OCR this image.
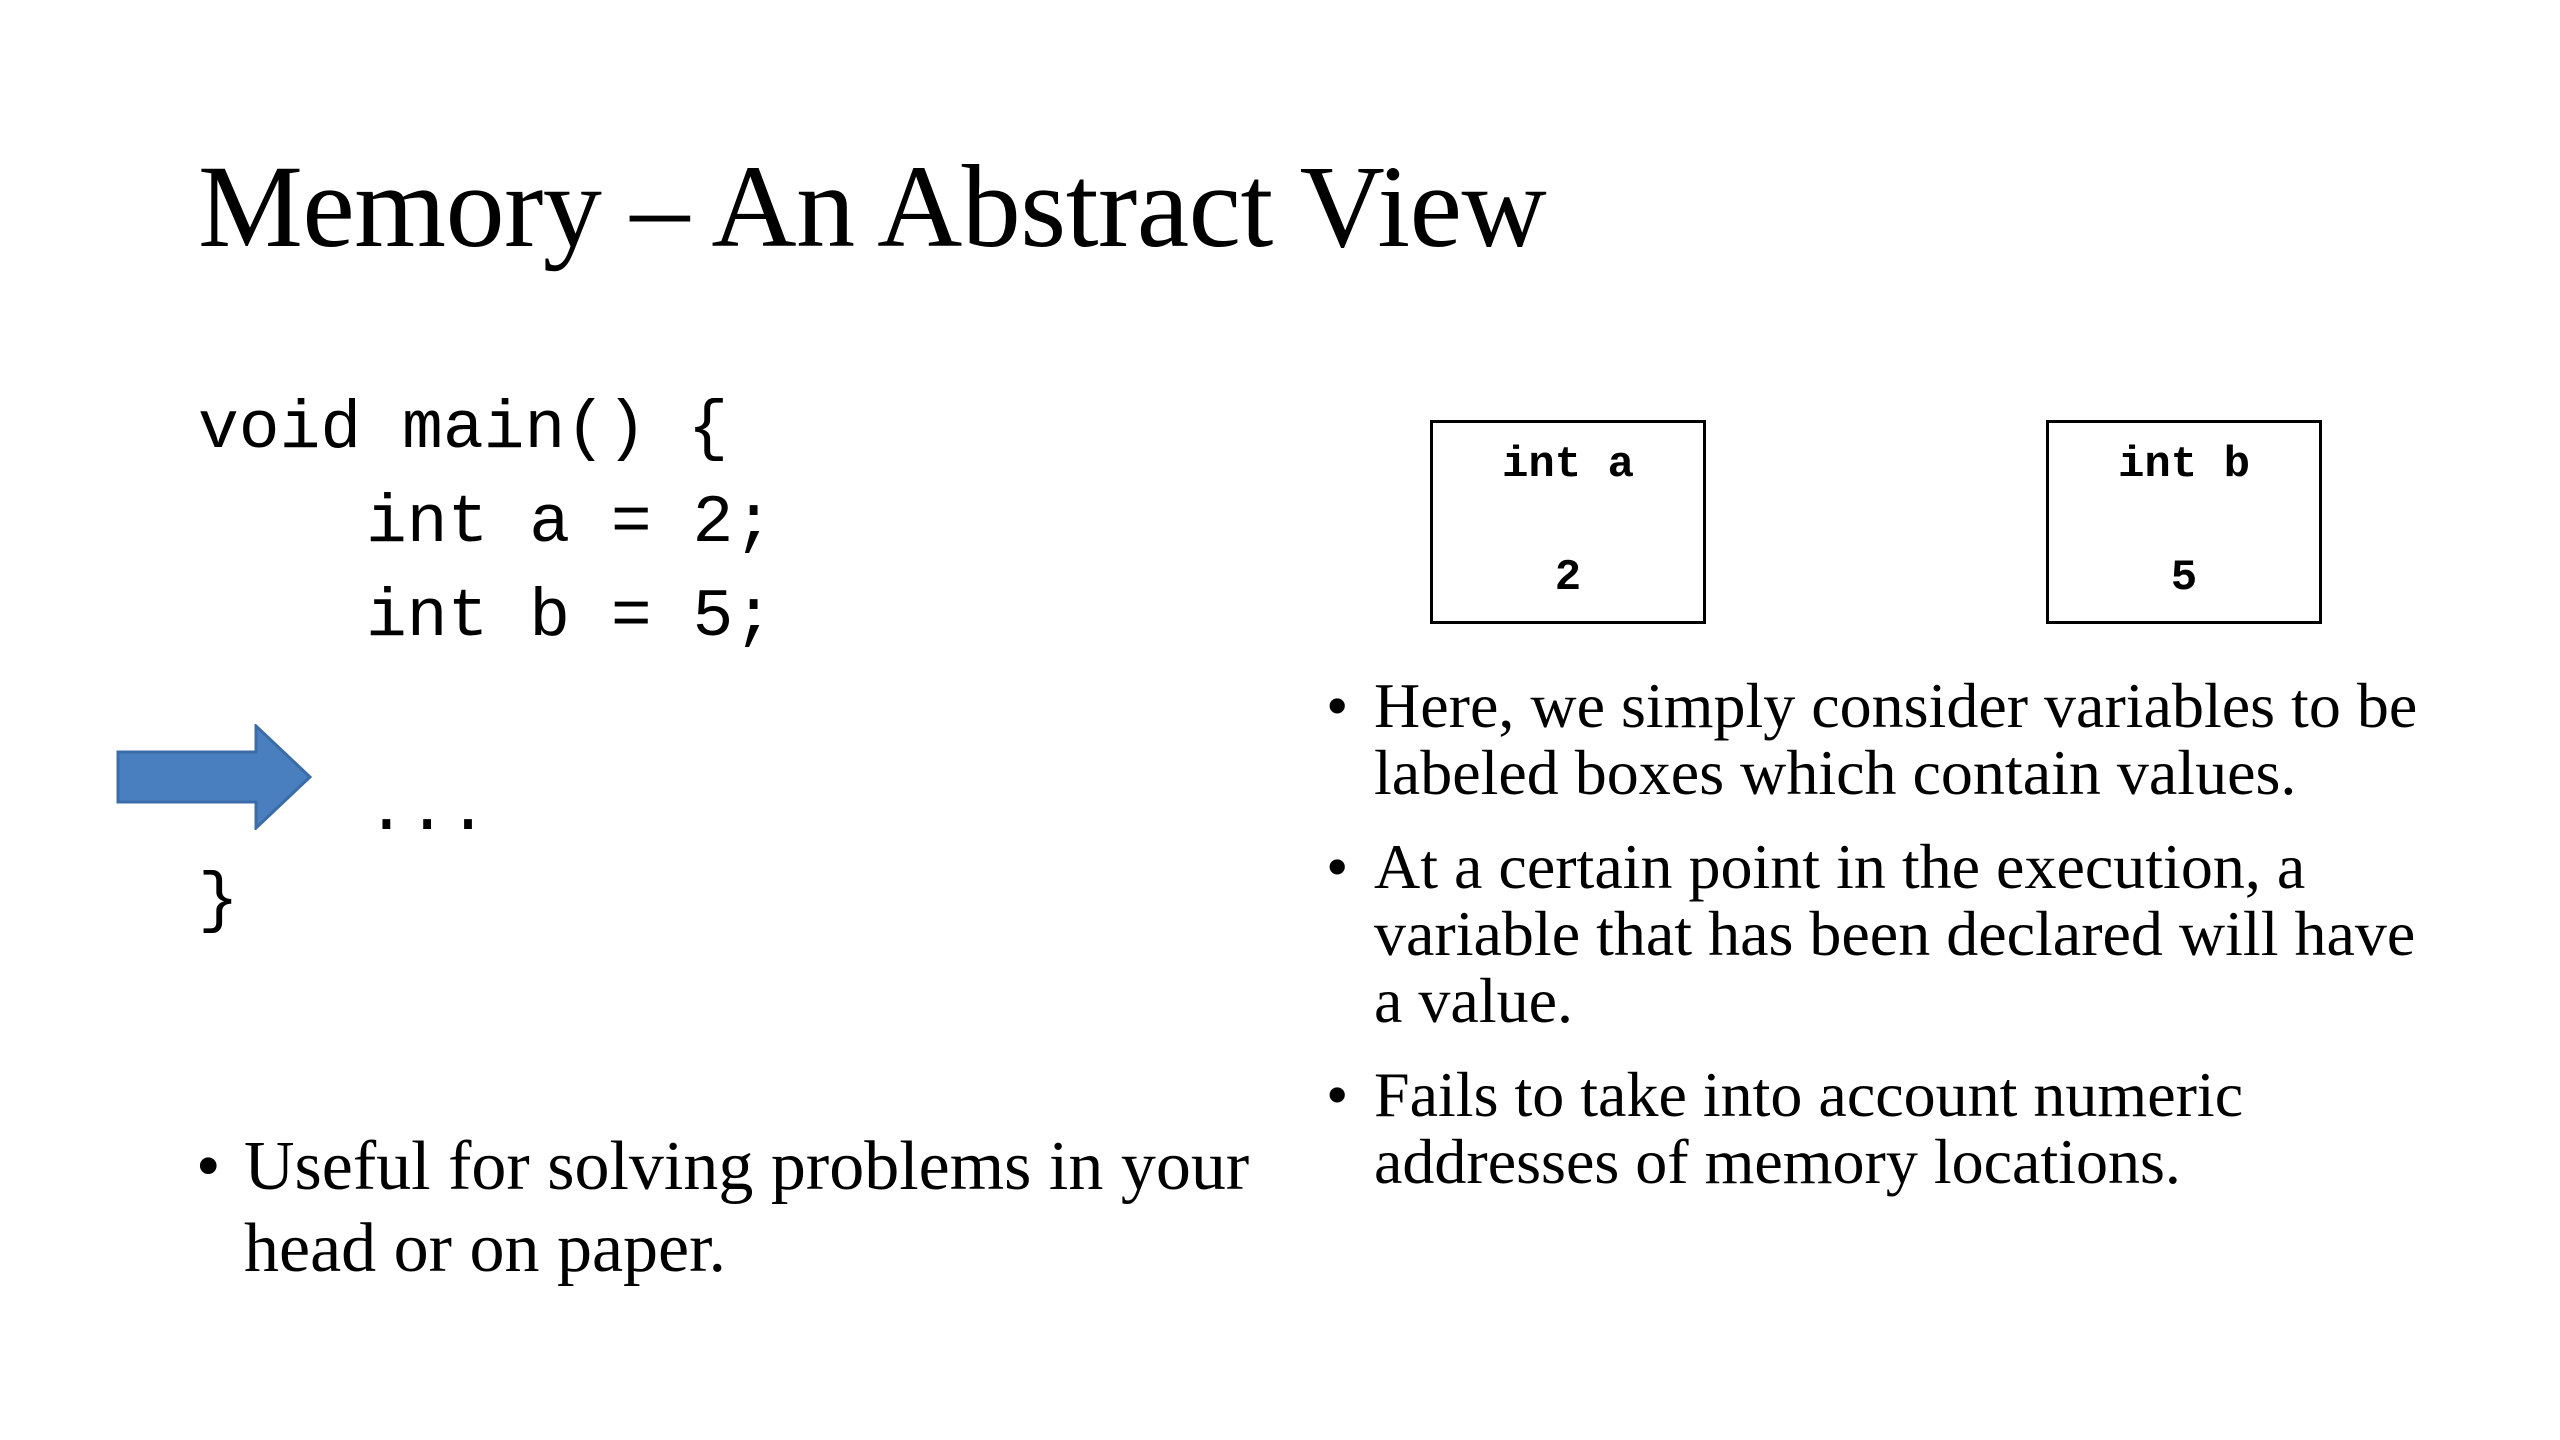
Memory – An Abstract View
void main() {
int a = 2;
int b = 5;
...
}
int a
2
int b
5
• Here, we simply consider variables to be labeled boxes which contain values.
• At a certain point in the execution, a variable that has been declared will have a value.
• Fails to take into account numeric addresses of memory locations.
• Useful for solving problems in your head or on paper.
